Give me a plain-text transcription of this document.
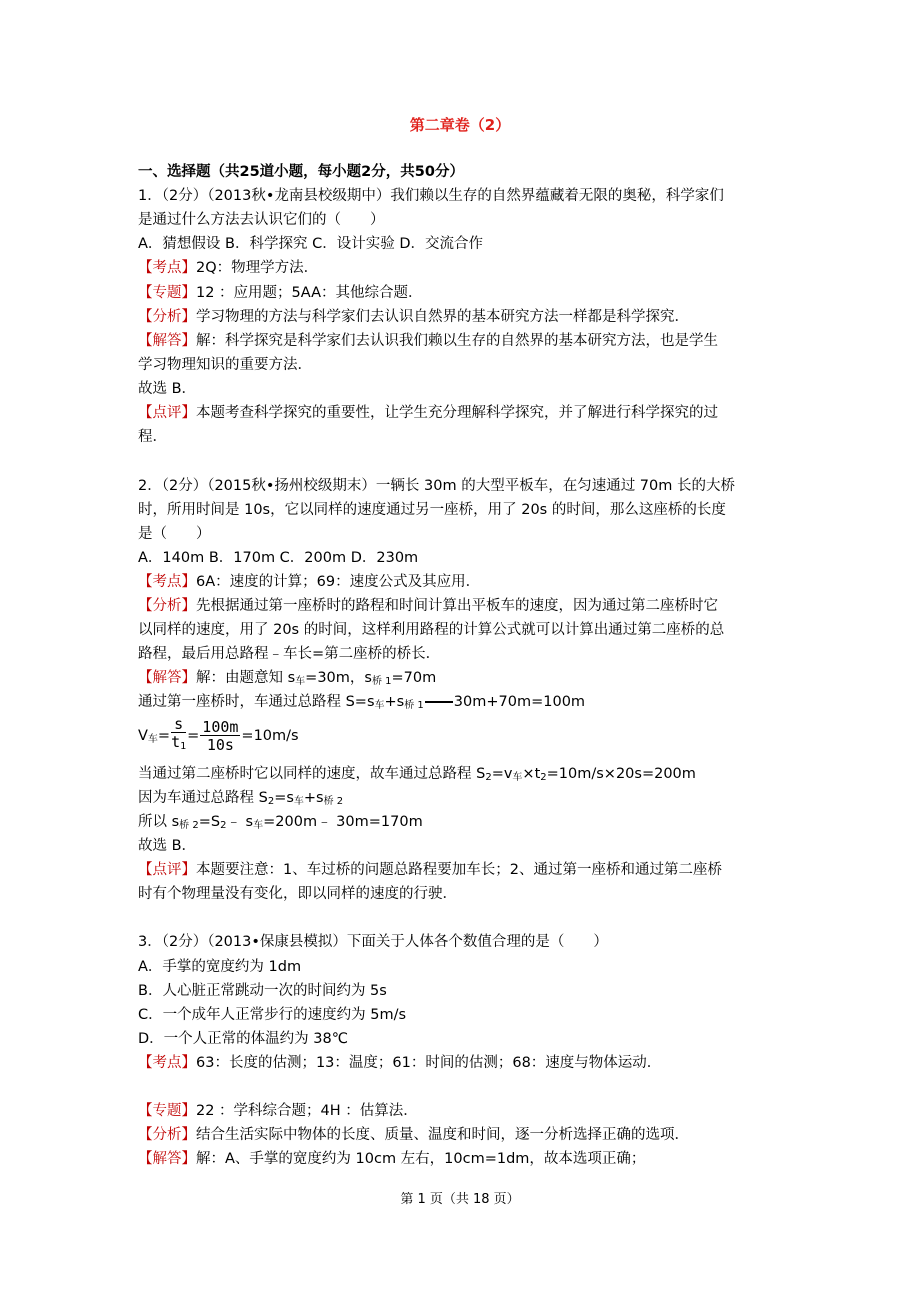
第二章卷（2）
一、选择题（共25道小题，每小题2分，共50分）
1．（2分）（2013秋•龙南县校级期中）我们赖以生存的自然界蕴藏着无限的奥秘，科学家们
是通过什么方法去认识它们的（　　）
A．猜想假设 B．科学探究 C．设计实验 D．交流合作
【考点】2Q：物理学方法．
【专题】12 ：应用题；5AA：其他综合题．
【分析】学习物理的方法与科学家们去认识自然界的基本研究方法一样都是科学探究．
【解答】解：科学探究是科学家们去认识我们赖以生存的自然界的基本研究方法，也是学生
学习物理知识的重要方法．
故选 B．
【点评】本题考查科学探究的重要性，让学生充分理解科学探究，并了解进行科学探究的过
程．
2．（2分）（2015秋•扬州校级期末）一辆长 30m 的大型平板车，在匀速通过 70m 长的大桥
时，所用时间是 10s，它以同样的速度通过另一座桥，用了 20s 的时间，那么这座桥的长度
是（　　）
A．140m B．170m C．200m D．230m
【考点】6A：速度的计算；69：速度公式及其应用．
【分析】先根据通过第一座桥时的路程和时间计算出平板车的速度，因为通过第二座桥时它
以同样的速度，用了 20s 的时间，这样利用路程的计算公式就可以计算出通过第二座桥的总
路程，最后用总路程﹣车长=第二座桥的桥长．
【解答】解：由题意知 $s_车=30m$，$s_{桥 1}=70m$
通过第一座桥时，车通过总路程 $S=s_车+s_{桥 1}$ 30m+70m=100m
$V_车= \frac{s}{t_1} = \frac{100m}{10s} =10m/s$
当通过第二座桥时它以同样的速度，故车通过总路程 $S_2=v_车\times t_2=10m/s\times 20s=200m$
因为车通过总路程 $S_2=s_车+s_{桥 2}$
所以 $s_{桥 2}=S_2﹣$ $s_车=200m﹣$ 30m=170m
故选 B．
【点评】本题要注意：1、车过桥的问题总路程要加车长；2、通过第一座桥和通过第二座桥
时有个物理量没有变化，即以同样的速度的行驶．
3．（2分）（2013•保康县模拟）下面关于人体各个数值合理的是（　　）
A．手掌的宽度约为 1dm
B．人心脏正常跳动一次的时间约为 5s
C．一个成年人正常步行的速度约为 5m/s
D．一个人正常的体温约为 38℃
【考点】63：长度的估测；13：温度；61：时间的估测；68：速度与物体运动．
【专题】22 ：学科综合题；4H ：估算法．
【分析】结合生活实际中物体的长度、质量、温度和时间，逐一分析选择正确的选项．
【解答】解：A、手掌的宽度约为 10cm 左右，10cm=1dm，故本选项正确；
第 1 页（共 18 页）
